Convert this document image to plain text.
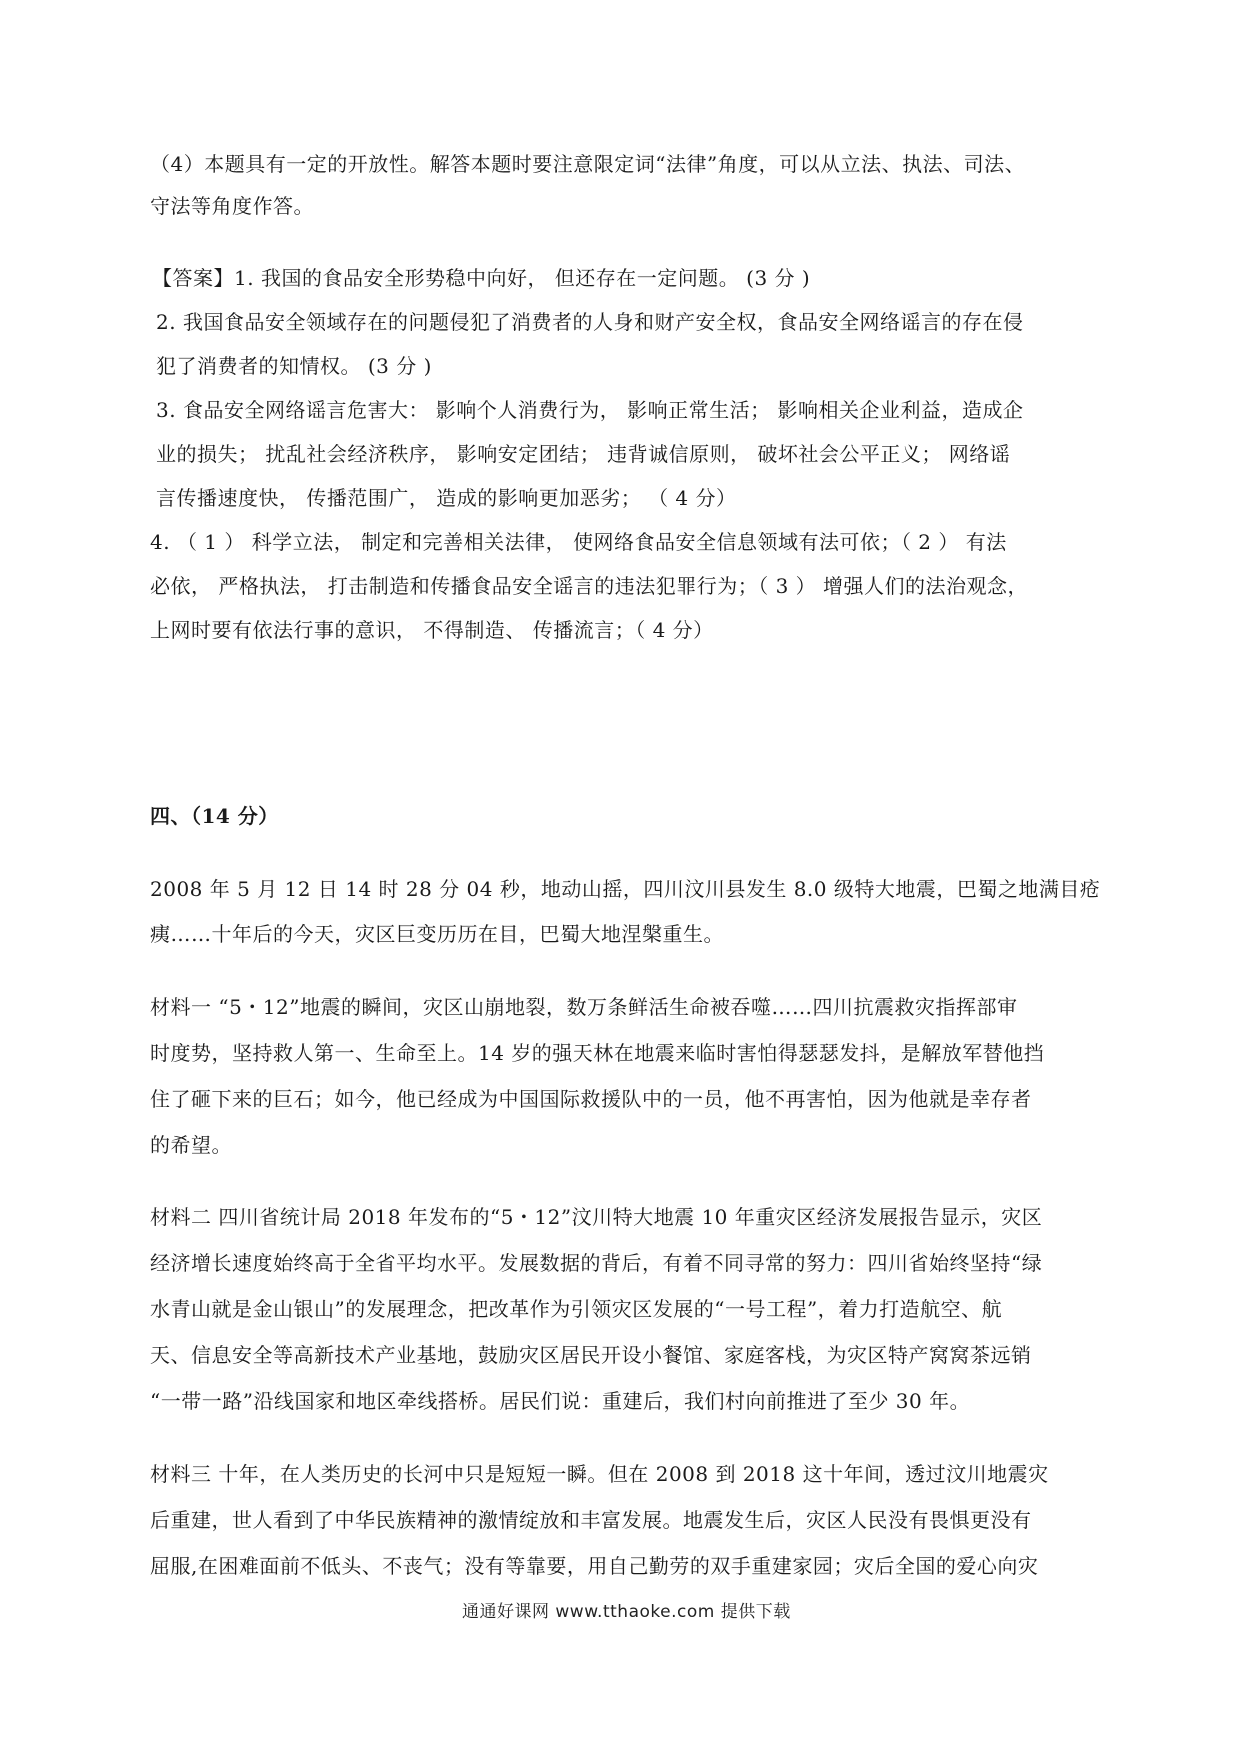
（4）本题具有一定的开放性。解答本题时要注意限定词“法律”角度，可以从立法、执法、司法、
守法等角度作答。
【答案】1. 我国的食品安全形势稳中向好， 但还存在一定问题。 (3 分 )
2. 我国食品安全领域存在的问题侵犯了消费者的人身和财产安全权，食品安全网络谣言的存在侵
犯了消费者的知情权。 (3 分 )
3. 食品安全网络谣言危害大： 影响个人消费行为， 影响正常生活； 影响相关企业利益，造成企
业的损失； 扰乱社会经济秩序， 影响安定团结； 违背诚信原则， 破坏社会公平正义； 网络谣
言传播速度快， 传播范围广， 造成的影响更加恶劣； （ 4 分）
4. （ 1 ） 科学立法， 制定和完善相关法律， 使网络食品安全信息领域有法可依；（ 2 ） 有法
必依， 严格执法， 打击制造和传播食品安全谣言的违法犯罪行为；（ 3 ） 增强人们的法治观念，
上网时要有依法行事的意识， 不得制造、 传播流言；（ 4 分）
四、（14 分）
2008 年 5 月 12 日 14 时 28 分 04 秒，地动山摇，四川汶川县发生 8.0 级特大地震，巴蜀之地满目疮
痍……十年后的今天，灾区巨变历历在目，巴蜀大地涅槃重生。
材料一 “5・12”地震的瞬间，灾区山崩地裂，数万条鲜活生命被吞噬……四川抗震救灾指挥部审
时度势，坚持救人第一、生命至上。14 岁的强天林在地震来临时害怕得瑟瑟发抖，是解放军替他挡
住了砸下来的巨石；如今，他已经成为中国国际救援队中的一员，他不再害怕，因为他就是幸存者
的希望。
材料二 四川省统计局 2018 年发布的“5・12”汶川特大地震 10 年重灾区经济发展报告显示，灾区
经济增长速度始终高于全省平均水平。发展数据的背后，有着不同寻常的努力：四川省始终坚持“绿
水青山就是金山银山”的发展理念，把改革作为引领灾区发展的“一号工程”，着力打造航空、航
天、信息安全等高新技术产业基地，鼓励灾区居民开设小餐馆、家庭客栈，为灾区特产窝窝茶远销
“一带一路”沿线国家和地区牵线搭桥。居民们说：重建后，我们村向前推进了至少 30 年。
材料三 十年，在人类历史的长河中只是短短一瞬。但在 2008 到 2018 这十年间，透过汶川地震灾
后重建，世人看到了中华民族精神的激情绽放和丰富发展。地震发生后，灾区人民没有畏惧更没有
屈服,在困难面前不低头、不丧气；没有等靠要，用自己勤劳的双手重建家园；灾后全国的爱心向灾
通通好课网 www.tthaoke.com 提供下载
